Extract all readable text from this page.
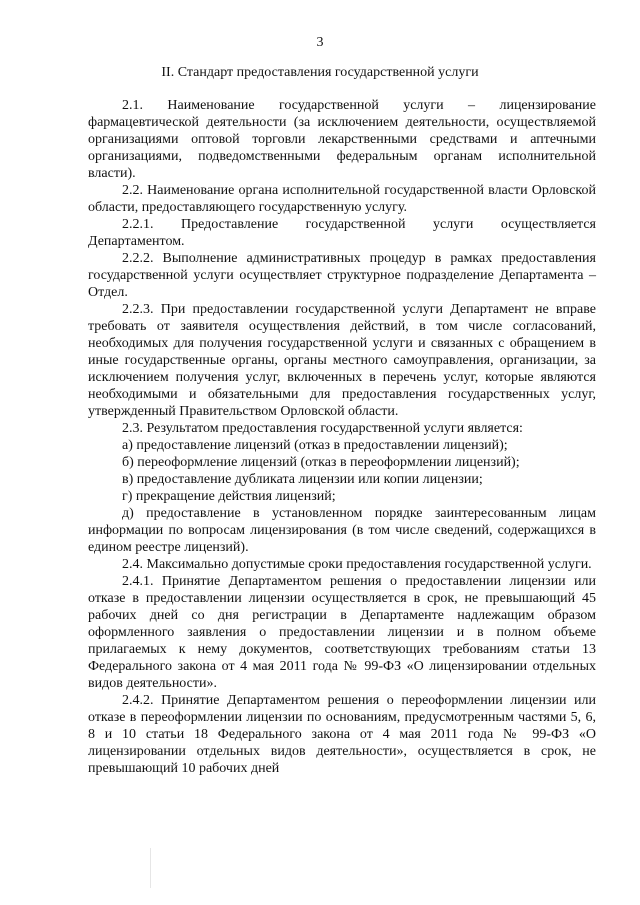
3
II. Стандарт предоставления государственной услуги

2.1. Наименование государственной услуги – лицензирование фармацевтической деятельности (за исключением деятельности, осуществляемой организациями оптовой торговли лекарственными средствами и аптечными организациями, подведомственными федеральным органам исполнительной власти).

2.2. Наименование органа исполнительной государственной власти Орловской области, предоставляющего государственную услугу.

2.2.1. Предоставление государственной услуги осуществляется Департаментом.

2.2.2. Выполнение административных процедур в рамках предоставления государственной услуги осуществляет структурное подразделение Департамента – Отдел.

2.2.3. При предоставлении государственной услуги Департамент не вправе требовать от заявителя осуществления действий, в том числе согласований, необходимых для получения государственной услуги и связанных с обращением в иные государственные органы, органы местного самоуправления, организации, за исключением получения услуг, включенных в перечень услуг, которые являются необходимыми и обязательными для предоставления государственных услуг, утвержденный Правительством Орловской области.

2.3. Результатом предоставления государственной услуги является:

а) предоставление лицензий (отказ в предоставлении лицензий);

б) переоформление лицензий (отказ в переоформлении лицензий);

в) предоставление дубликата лицензии или копии лицензии;

г) прекращение действия лицензий;

д) предоставление в установленном порядке заинтересованным лицам информации по вопросам лицензирования (в том числе сведений, содержащихся в едином реестре лицензий).

2.4. Максимально допустимые сроки предоставления государственной услуги.

2.4.1. Принятие Департаментом решения о предоставлении лицензии или отказе в предоставлении лицензии осуществляется в срок, не превышающий 45 рабочих дней со дня регистрации в Департаменте надлежащим образом оформленного заявления о предоставлении лицензии и в полном объеме прилагаемых к нему документов, соответствующих требованиям статьи 13 Федерального закона от 4 мая 2011 года № 99-ФЗ «О лицензировании отдельных видов деятельности».

2.4.2. Принятие Департаментом решения о переоформлении лицензии или отказе в переоформлении лицензии по основаниям, предусмотренным частями 5, 6, 8 и 10 статьи 18 Федерального закона от 4 мая 2011 года № 99-ФЗ «О лицензировании отдельных видов деятельности», осуществляется в срок, не превышающий 10 рабочих дней
